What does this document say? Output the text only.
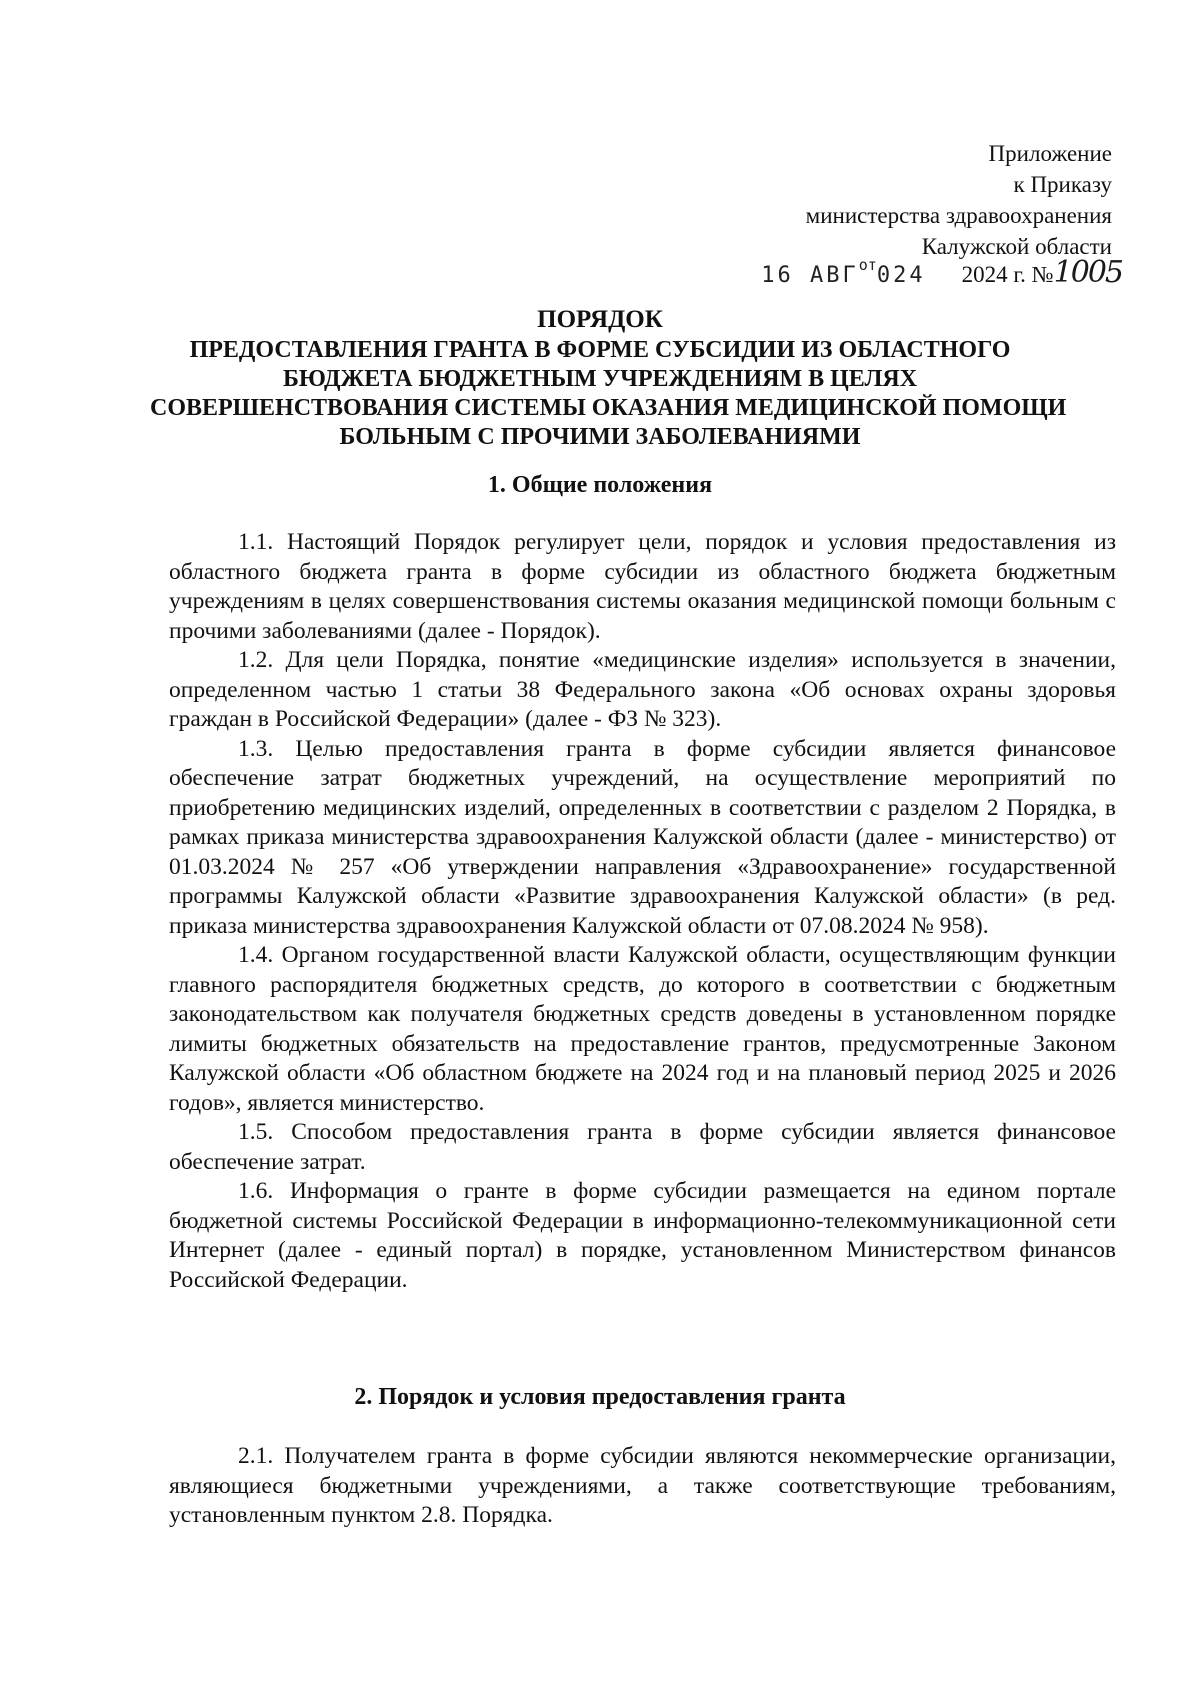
Приложение
к Приказу
министерства здравоохранения
Калужской области
16 $АВГ^{от}024$ 2024 г. №1005
ПОРЯДОК
ПРЕДОСТАВЛЕНИЯ ГРАНТА В ФОРМЕ СУБСИДИИ ИЗ ОБЛАСТНОГО
БЮДЖЕТА БЮДЖЕТНЫМ УЧРЕЖДЕНИЯМ В ЦЕЛЯХ
СОВЕРШЕНСТВОВАНИЯ СИСТЕМЫ ОКАЗАНИЯ МЕДИЦИНСКОЙ ПОМОЩИ
БОЛЬНЫМ С ПРОЧИМИ ЗАБОЛЕВАНИЯМИ
1. Общие положения

1.1. Настоящий Порядок регулирует цели, порядок и условия предоставления из областного бюджета гранта в форме субсидии из областного бюджета бюджетным учреждениям в целях совершенствования системы оказания медицинской помощи больным с прочими заболеваниями (далее - Порядок).

1.2. Для цели Порядка, понятие «медицинские изделия» используется в значении, определенном частью 1 статьи 38 Федерального закона «Об основах охраны здоровья граждан в Российской Федерации» (далее - ФЗ № 323).

1.3. Целью предоставления гранта в форме субсидии является финансовое обеспечение затрат бюджетных учреждений, на осуществление мероприятий по приобретению медицинских изделий, определенных в соответствии с разделом 2 Порядка, в рамках приказа министерства здравоохранения Калужской области (далее - министерство) от 01.03.2024 № 257 «Об утверждении направления «Здравоохранение» государственной программы Калужской области «Развитие здравоохранения Калужской области» (в ред. приказа министерства здравоохранения Калужской области от 07.08.2024 № 958).

1.4. Органом государственной власти Калужской области, осуществляющим функции главного распорядителя бюджетных средств, до которого в соответствии с бюджетным законодательством как получателя бюджетных средств доведены в установленном порядке лимиты бюджетных обязательств на предоставление грантов, предусмотренные Законом Калужской области «Об областном бюджете на 2024 год и на плановый период 2025 и 2026 годов», является министерство.

1.5. Способом предоставления гранта в форме субсидии является финансовое обеспечение затрат.

1.6. Информация о гранте в форме субсидии размещается на едином портале бюджетной системы Российской Федерации в информационно-телекоммуникационной сети Интернет (далее - единый портал) в порядке, установленном Министерством финансов Российской Федерации.

2. Порядок и условия предоставления гранта

2.1. Получателем гранта в форме субсидии являются некоммерческие организации, являющиеся бюджетными учреждениями, а также соответствующие требованиям, установленным пунктом 2.8. Порядка.
